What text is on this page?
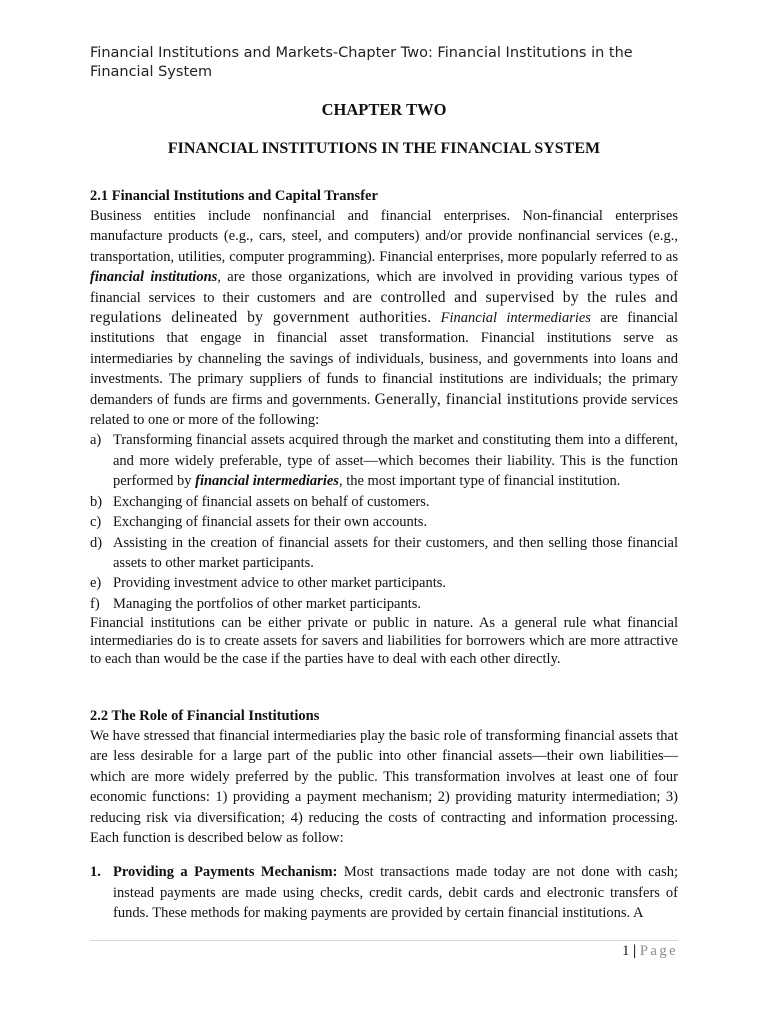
Financial Institutions and Markets-Chapter Two: Financial Institutions in the Financial System
CHAPTER TWO
FINANCIAL INSTITUTIONS IN THE FINANCIAL SYSTEM

2.1 Financial Institutions and Capital Transfer

Business entities include nonfinancial and financial enterprises. Non-financial enterprises manufacture products (e.g., cars, steel, and computers) and/or provide nonfinancial services (e.g., transportation, utilities, computer programming). Financial enterprises, more popularly referred to as financial institutions, are those organizations, which are involved in providing various types of financial services to their customers and are controlled and supervised by the rules and regulations delineated by government authorities. Financial intermediaries are financial institutions that engage in financial asset transformation. Financial institutions serve as intermediaries by channeling the savings of individuals, business, and governments into loans and investments. The primary suppliers of funds to financial institutions are individuals; the primary demanders of funds are firms and governments. Generally, financial institutions provide services related to one or more of the following:

a) Transforming financial assets acquired through the market and constituting them into a different, and more widely preferable, type of asset—which becomes their liability. This is the function performed by financial intermediaries, the most important type of financial institution.
b) Exchanging of financial assets on behalf of customers.
c) Exchanging of financial assets for their own accounts.
d) Assisting in the creation of financial assets for their customers, and then selling those financial assets to other market participants.
e) Providing investment advice to other market participants.
f) Managing the portfolios of other market participants.

Financial institutions can be either private or public in nature. As a general rule what financial intermediaries do is to create assets for savers and liabilities for borrowers which are more attractive to each than would be the case if the parties have to deal with each other directly.

2.2 The Role of Financial Institutions

We have stressed that financial intermediaries play the basic role of transforming financial assets that are less desirable for a large part of the public into other financial assets—their own liabilities—which are more widely preferred by the public. This transformation involves at least one of four economic functions: 1) providing a payment mechanism; 2) providing maturity intermediation; 3) reducing risk via diversification; 4) reducing the costs of contracting and information processing. Each function is described below as follow:

1. Providing a Payments Mechanism: Most transactions made today are not done with cash; instead payments are made using checks, credit cards, debit cards and electronic transfers of funds. These methods for making payments are provided by certain financial institutions. A

1 | Page
